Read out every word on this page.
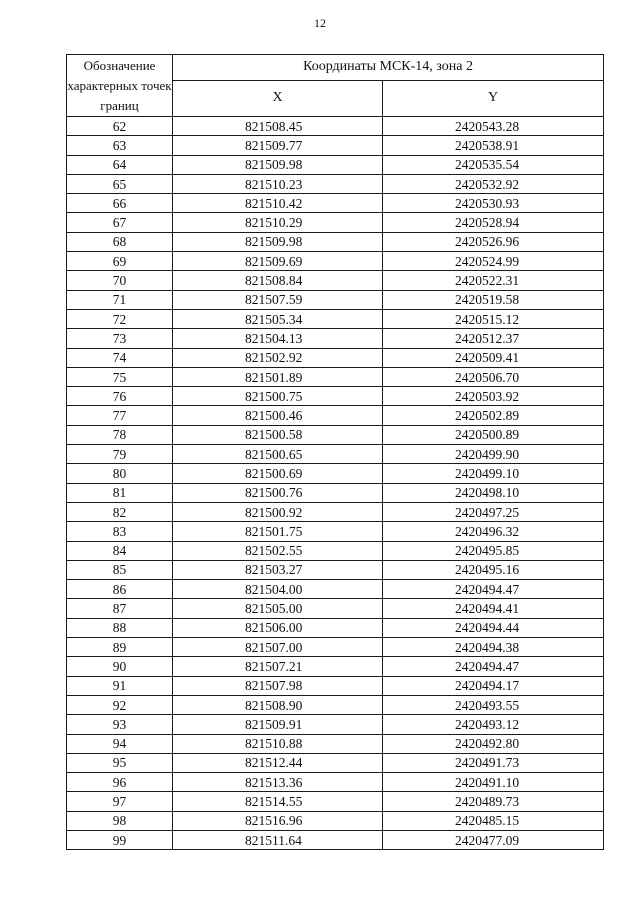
12
Обозначение характерных точек границ	Координаты МСК-14, зона 2	
	X	Y
62	821508.45	2420543.28
63	821509.77	2420538.91
64	821509.98	2420535.54
65	821510.23	2420532.92
66	821510.42	2420530.93
67	821510.29	2420528.94
68	821509.98	2420526.96
69	821509.69	2420524.99
70	821508.84	2420522.31
71	821507.59	2420519.58
72	821505.34	2420515.12
73	821504.13	2420512.37
74	821502.92	2420509.41
75	821501.89	2420506.70
76	821500.75	2420503.92
77	821500.46	2420502.89
78	821500.58	2420500.89
79	821500.65	2420499.90
80	821500.69	2420499.10
81	821500.76	2420498.10
82	821500.92	2420497.25
83	821501.75	2420496.32
84	821502.55	2420495.85
85	821503.27	2420495.16
86	821504.00	2420494.47
87	821505.00	2420494.41
88	821506.00	2420494.44
89	821507.00	2420494.38
90	821507.21	2420494.47
91	821507.98	2420494.17
92	821508.90	2420493.55
93	821509.91	2420493.12
94	821510.88	2420492.80
95	821512.44	2420491.73
96	821513.36	2420491.10
97	821514.55	2420489.73
98	821516.96	2420485.15
99	821511.64	2420477.09
